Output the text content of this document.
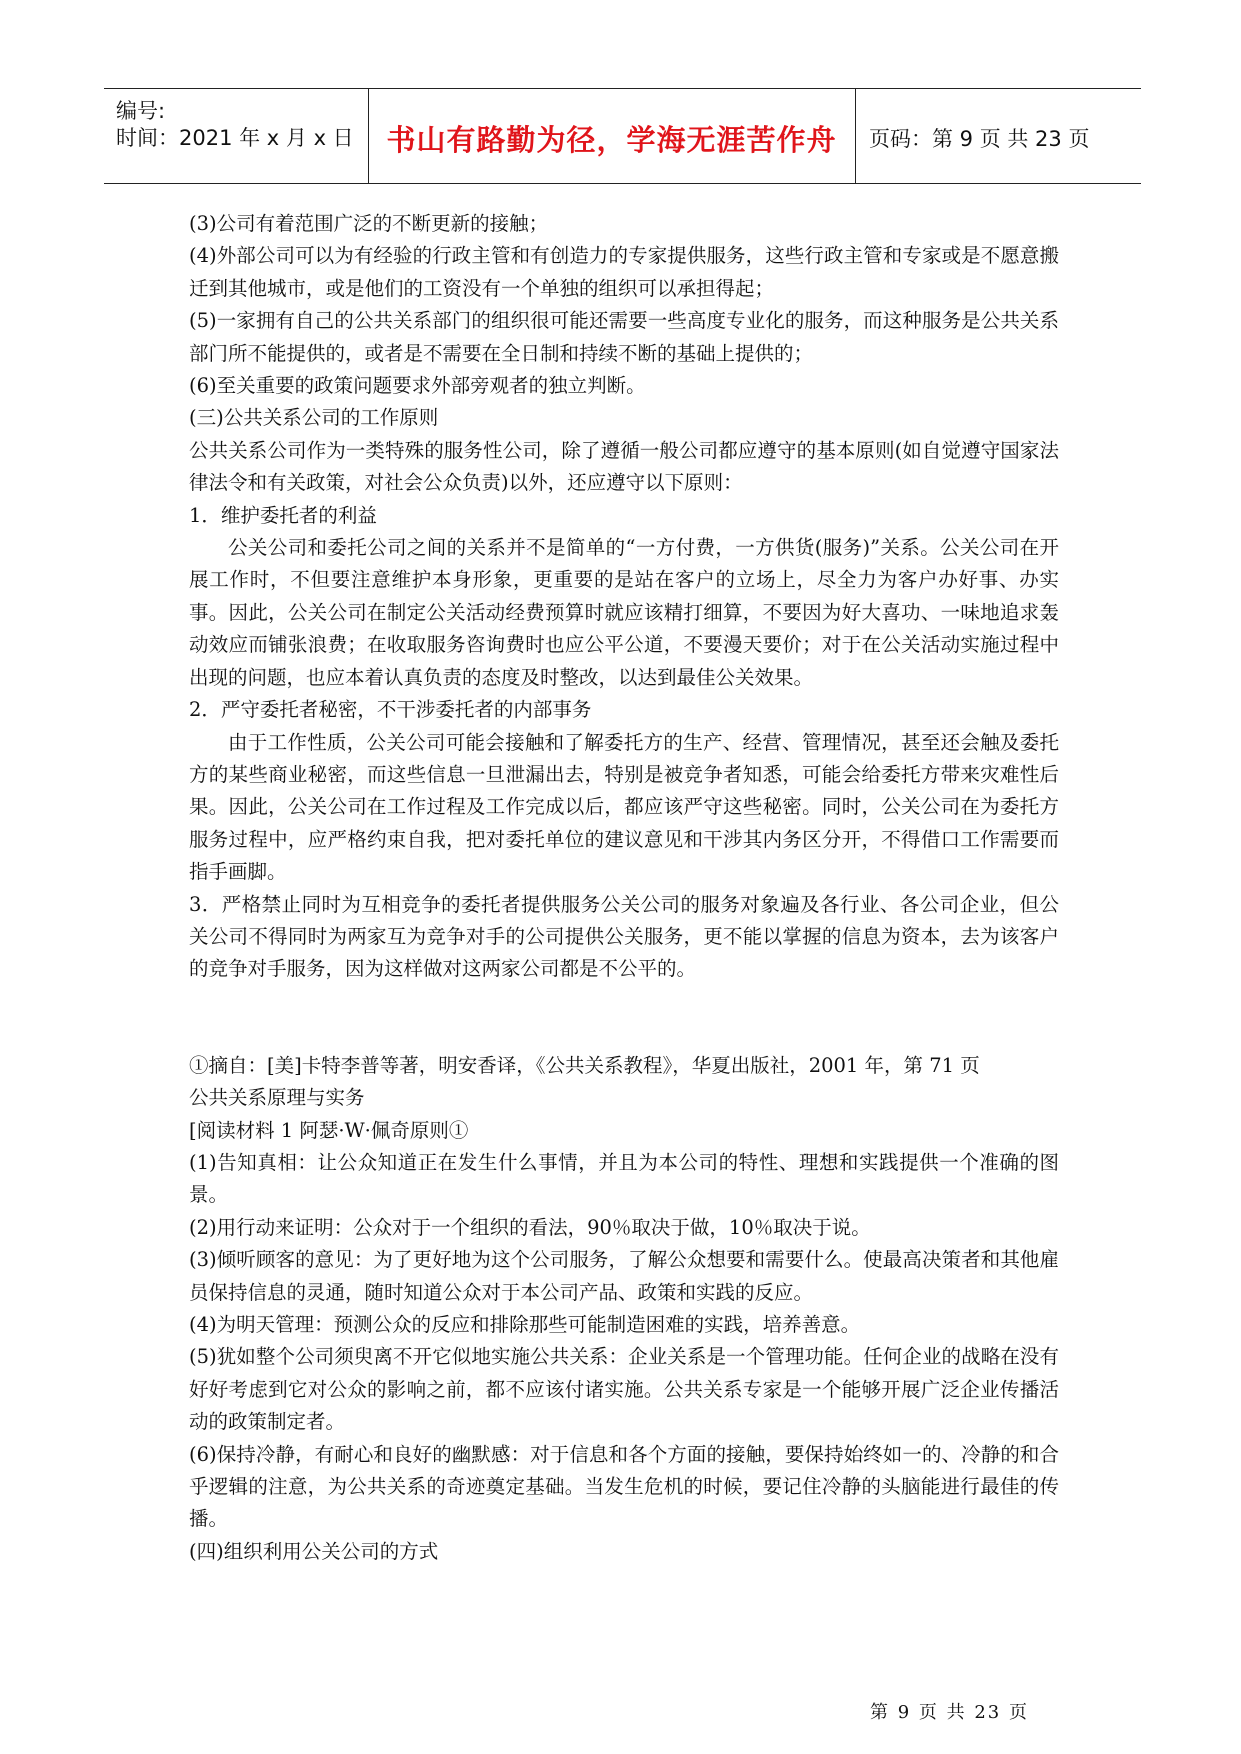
编号:
时间：2021 年 x 月 x 日	书山有路勤为径，学海无涯苦作舟	页码：第 9 页 共 23 页

(3)公司有着范围广泛的不断更新的接触；

(4)外部公司可以为有经验的行政主管和有创造力的专家提供服务，这些行政主管和专家或是不愿意搬迁到其他城市，或是他们的工资没有一个单独的组织可以承担得起；

(5)一家拥有自己的公共关系部门的组织很可能还需要一些高度专业化的服务，而这种服务是公共关系部门所不能提供的，或者是不需要在全日制和持续不断的基础上提供的；

(6)至关重要的政策问题要求外部旁观者的独立判断。

(三)公共关系公司的工作原则

公共关系公司作为一类特殊的服务性公司，除了遵循一般公司都应遵守的基本原则(如自觉遵守国家法律法令和有关政策，对社会公众负责)以外，还应遵守以下原则：

1．维护委托者的利益

公关公司和委托公司之间的关系并不是简单的“一方付费，一方供货(服务)”关系。公关公司在开展工作时，不但要注意维护本身形象，更重要的是站在客户的立场上，尽全力为客户办好事、办实事。因此，公关公司在制定公关活动经费预算时就应该精打细算，不要因为好大喜功、一味地追求轰动效应而铺张浪费；在收取服务咨询费时也应公平公道，不要漫天要价；对于在公关活动实施过程中出现的问题，也应本着认真负责的态度及时整改，以达到最佳公关效果。

2．严守委托者秘密，不干涉委托者的内部事务

由于工作性质，公关公司可能会接触和了解委托方的生产、经营、管理情况，甚至还会触及委托方的某些商业秘密，而这些信息一旦泄漏出去，特别是被竞争者知悉，可能会给委托方带来灾难性后果。因此，公关公司在工作过程及工作完成以后，都应该严守这些秘密。同时，公关公司在为委托方服务过程中，应严格约束自我，把对委托单位的建议意见和干涉其内务区分开，不得借口工作需要而指手画脚。

3．严格禁止同时为互相竞争的委托者提供服务公关公司的服务对象遍及各行业、各公司企业，但公关公司不得同时为两家互为竞争对手的公司提供公关服务，更不能以掌握的信息为资本，去为该客户的竞争对手服务，因为这样做对这两家公司都是不公平的。

①摘自：[美]卡特李普等著，明安香译，《公共关系教程》，华夏出版社，2001 年，第 71 页

公共关系原理与实务

[阅读材料 1 阿瑟·W·佩奇原则①

(1)告知真相：让公众知道正在发生什么事情，并且为本公司的特性、理想和实践提供一个准确的图景。

(2)用行动来证明：公众对于一个组织的看法，90％取决于做，10％取决于说。

(3)倾听顾客的意见：为了更好地为这个公司服务，了解公众想要和需要什么。使最高决策者和其他雇员保持信息的灵通，随时知道公众对于本公司产品、政策和实践的反应。

(4)为明天管理：预测公众的反应和排除那些可能制造困难的实践，培养善意。

(5)犹如整个公司须臾离不开它似地实施公共关系：企业关系是一个管理功能。任何企业的战略在没有好好考虑到它对公众的影响之前，都不应该付诸实施。公共关系专家是一个能够开展广泛企业传播活动的政策制定者。

(6)保持冷静，有耐心和良好的幽默感：对于信息和各个方面的接触，要保持始终如一的、冷静的和合乎逻辑的注意，为公共关系的奇迹奠定基础。当发生危机的时候，要记住冷静的头脑能进行最佳的传播。

(四)组织利用公关公司的方式

第 9 页 共 23 页
